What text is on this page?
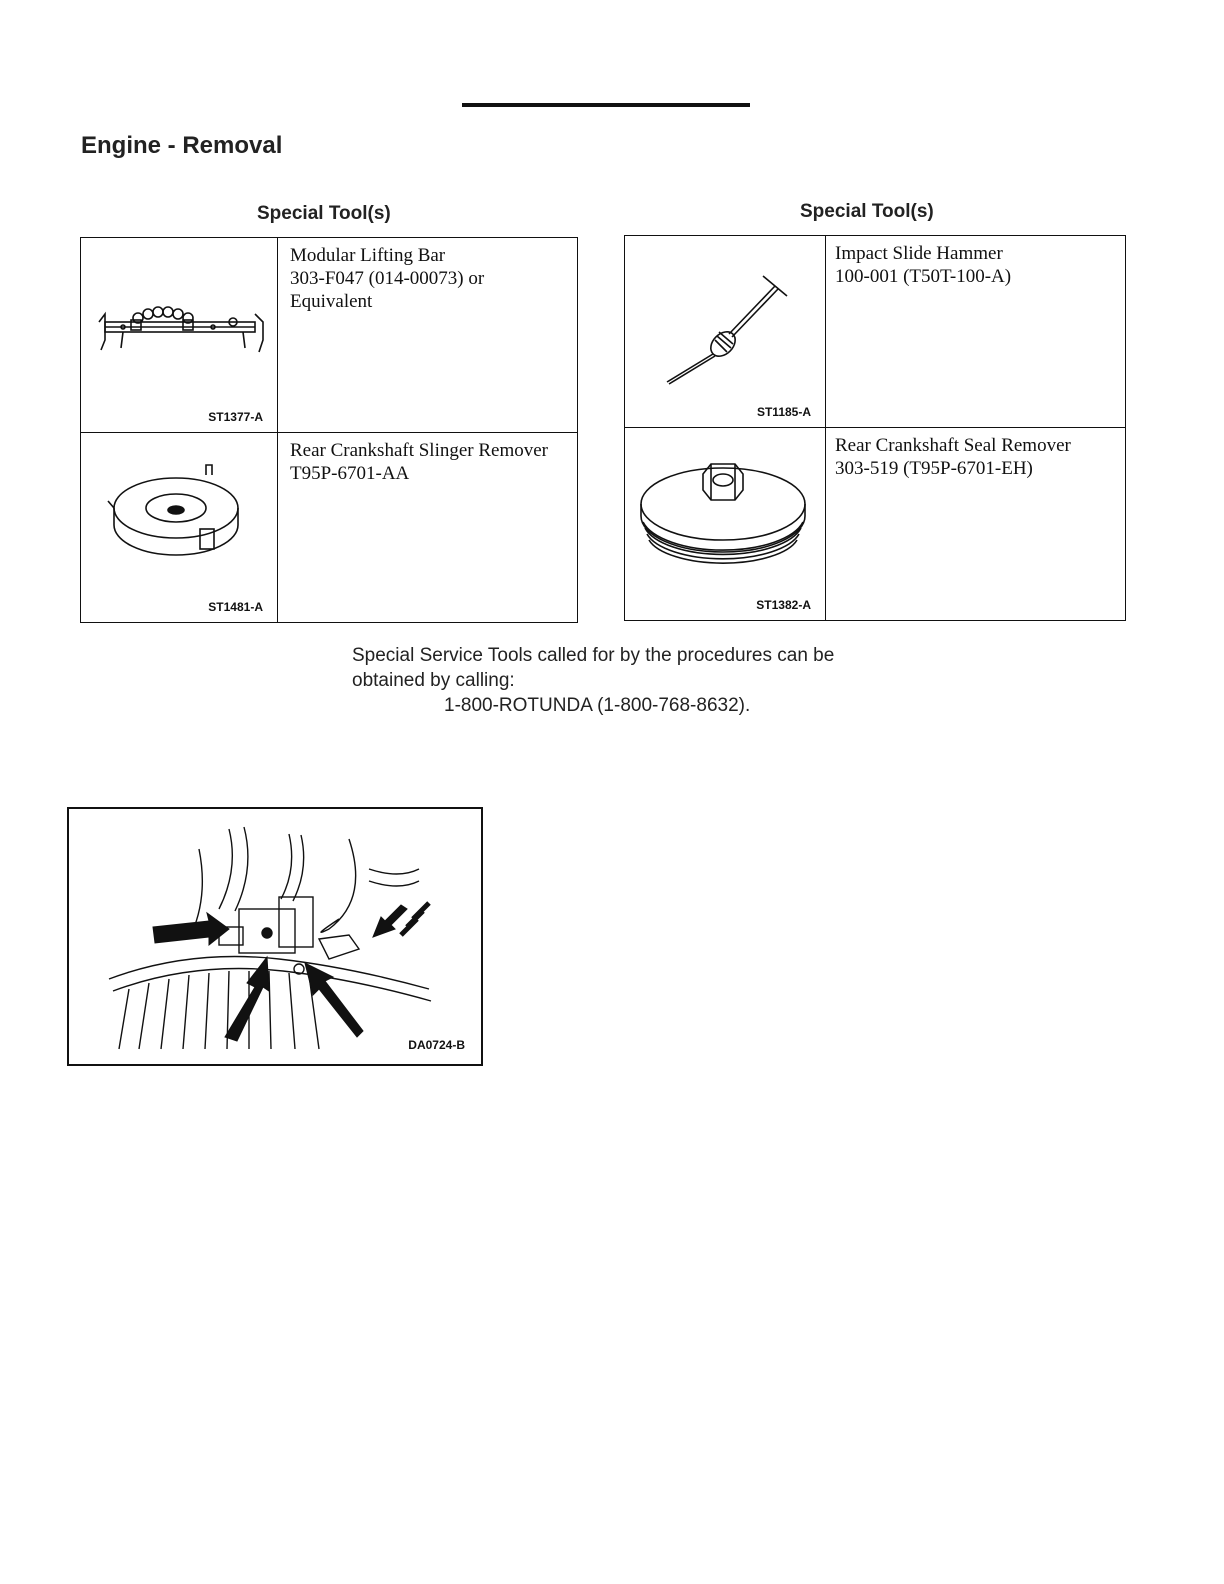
Engine - Removal
Special Tool(s)
ST1377-A
Modular Lifting Bar
303-F047 (014-00073) or
Equivalent
ST1481-A
Rear Crankshaft Slinger Remover
T95P-6701-AA
Special Tool(s)
ST1185-A
Impact Slide Hammer
100-001 (T50T-100-A)
ST1382-A
Rear Crankshaft Seal Remover
303-519 (T95P-6701-EH)
Special Service Tools called for by the procedures can be
obtained by calling:
1-800-ROTUNDA (1-800-768-8632).
DA0724-B
